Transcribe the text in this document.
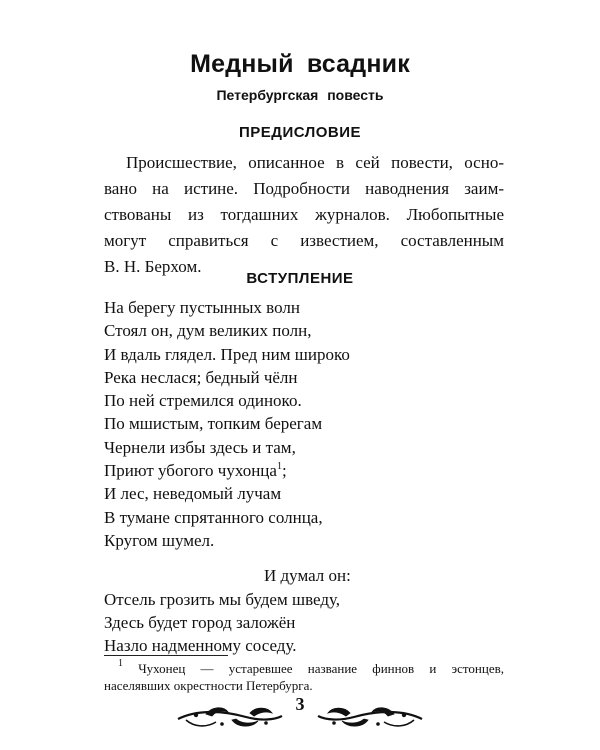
Медный всадник
Петербургская повесть
ПРЕДИСЛОВИЕ
Происшествие, описанное в сей повести, осно-
вано на истине. Подробности наводнения заим-
ствованы из тогдашних журналов. Любопытные
могут справиться с известием, составленным
В. Н. Берхом.
ВСТУПЛЕНИЕ
На берегу пустынных волн
Стоял он, дум великих полн,
И вдаль глядел. Пред ним широко
Река неслася; бедный чёлн
По ней стремился одиноко.
По мшистым, топким берегам
Чернели избы здесь и там,
Приют убогого чухонца$^1$;
И лес, неведомый лучам
В тумане спрятанного солнца,
Кругом шумел.
И думал он:
Отсель грозить мы будем шведу,
Здесь будет город заложён
Назло надменному соседу.
$^1$ Чухонец — устаревшее название финнов и эстонцев,
населявших окрестности Петербурга.
3
